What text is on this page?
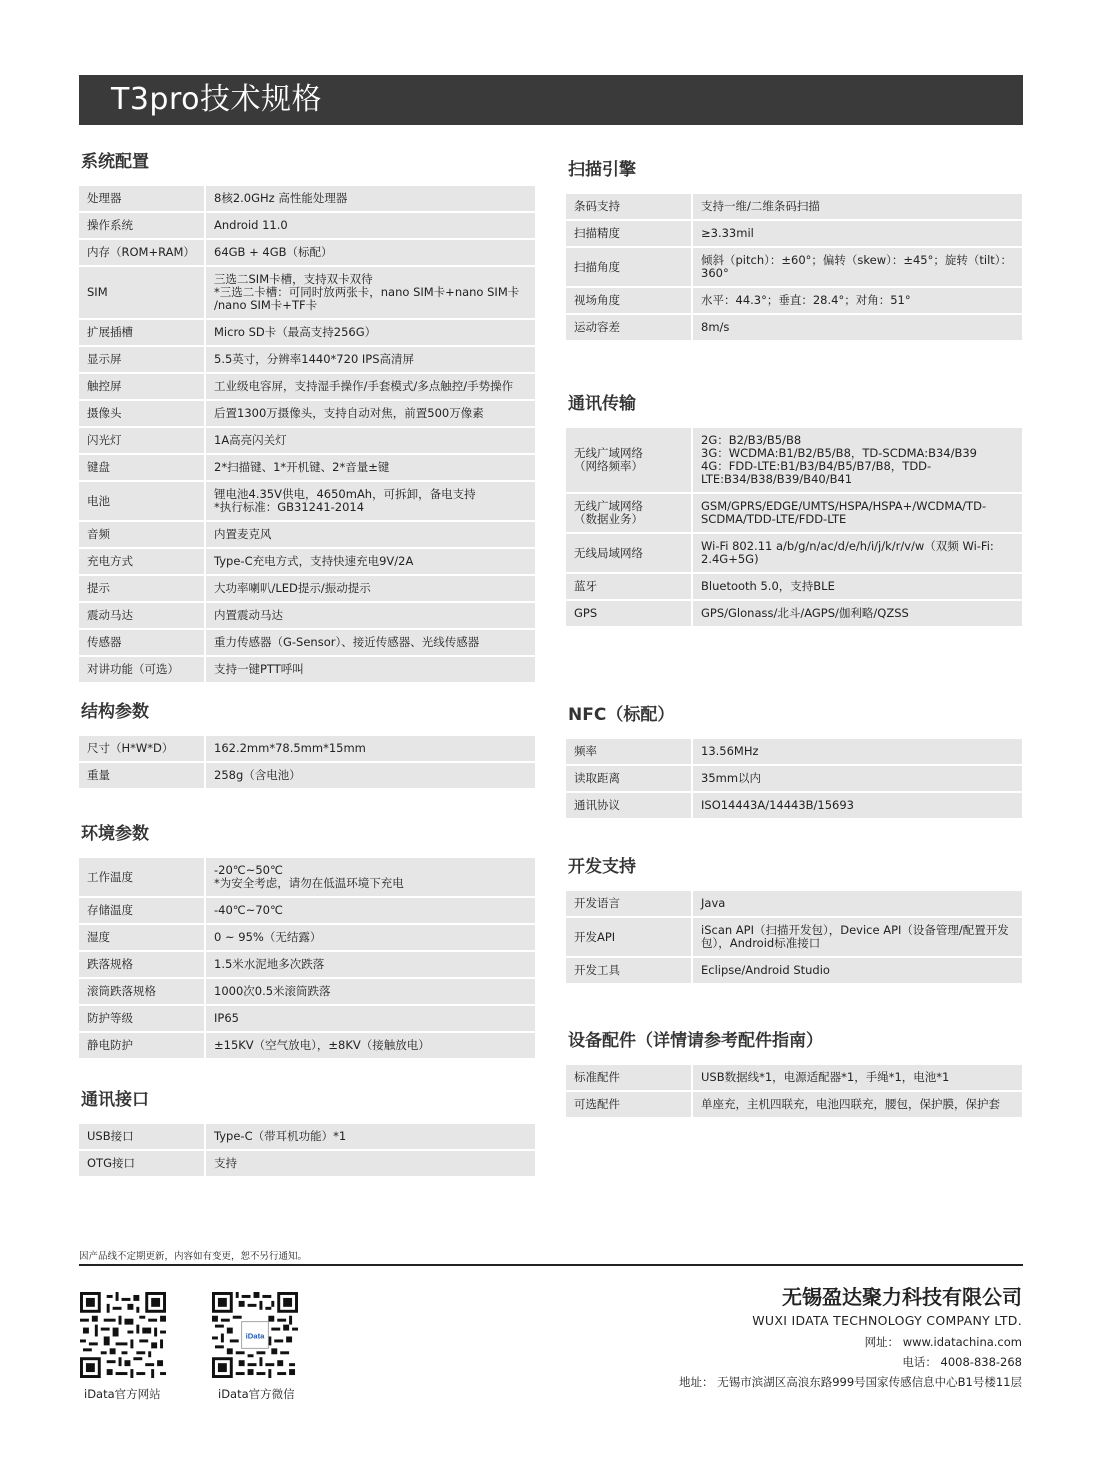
T3pro技术规格
系统配置
处理器	8核2.0GHz 高性能处理器
操作系统	Android 11.0
内存（ROM+RAM）	64GB + 4GB（标配）
SIM	三选二SIM卡槽，支持双卡双待
*三选二卡槽：可同时放两张卡，nano SIM卡+nano SIM卡
/nano SIM卡+TF卡
扩展插槽	Micro SD卡（最高支持256G）
显示屏	5.5英寸，分辨率1440*720 IPS高清屏
触控屏	工业级电容屏，支持湿手操作/手套模式/多点触控/手势操作
摄像头	后置1300万摄像头，支持自动对焦，前置500万像素
闪光灯	1A高亮闪关灯
键盘	2*扫描键、1*开机键、2*音量±键
电池	锂电池4.35V供电，4650mAh，可拆卸，备电支持
*执行标准：GB31241-2014
音频	内置麦克风
充电方式	Type-C充电方式，支持快速充电9V/2A
提示	大功率喇叭/LED提示/振动提示
震动马达	内置震动马达
传感器	重力传感器（G-Sensor）、接近传感器、光线传感器
对讲功能（可选）	支持一键PTT呼叫
结构参数
尺寸（H*W*D）	162.2mm*78.5mm*15mm
重量	258g（含电池）
环境参数
工作温度	-20℃~50℃
*为安全考虑，请勿在低温环境下充电
存储温度	-40℃~70℃
湿度	0 ~ 95%（无结露）
跌落规格	1.5米水泥地多次跌落
滚筒跌落规格	1000次0.5米滚筒跌落
防护等级	IP65
静电防护	±15KV（空气放电），±8KV（接触放电）
通讯接口
USB接口	Type-C（带耳机功能）*1
OTG接口	支持
扫描引擎
条码支持	支持一维/二维条码扫描
扫描精度	≥3.33mil
扫描角度	倾斜（pitch）：±60°；偏转（skew）：±45°；旋转（tilt）：
360°
视场角度	水平：44.3°；垂直：28.4°；对角：51°
运动容差	8m/s
通讯传输
无线广域网络
（网络频率）	2G：B2/B3/B5/B8
3G：WCDMA:B1/B2/B5/B8，TD-SCDMA:B34/B39
4G：FDD-LTE:B1/B3/B4/B5/B7/B8，TDD-
LTE:B34/B38/B39/B40/B41
无线广域网络
（数据业务）	GSM/GPRS/EDGE/UMTS/HSPA/HSPA+/WCDMA/TD-
SCDMA/TDD-LTE/FDD-LTE
无线局域网络	Wi-Fi 802.11 a/b/g/n/ac/d/e/h/i/j/k/r/v/w（双频 Wi-Fi:
2.4G+5G)
蓝牙	Bluetooth 5.0，支持BLE
GPS	GPS/Glonass/北斗/AGPS/伽利略/QZSS
NFC（标配）
频率	13.56MHz
读取距离	35mm以内
通讯协议	ISO14443A/14443B/15693
开发支持
开发语言	Java
开发API	iScan API（扫描开发包），Device API（设备管理/配置开发
包），Android标准接口
开发工具	Eclipse/Android Studio
设备配件（详情请参考配件指南）
标准配件	USB数据线*1，电源适配器*1，手绳*1，电池*1
可选配件	单座充，主机四联充，电池四联充，腰包，保护膜，保护套
因产品线不定期更新，内容如有变更，恕不另行通知。
iData官方网站
iData
iData官方微信
无锡盈达聚力科技有限公司
WUXI IDATA TECHNOLOGY COMPANY LTD.
网址： www.idatachina.com
电话： 4008-838-268
地址： 无锡市滨湖区高浪东路999号国家传感信息中心B1号楼11层
